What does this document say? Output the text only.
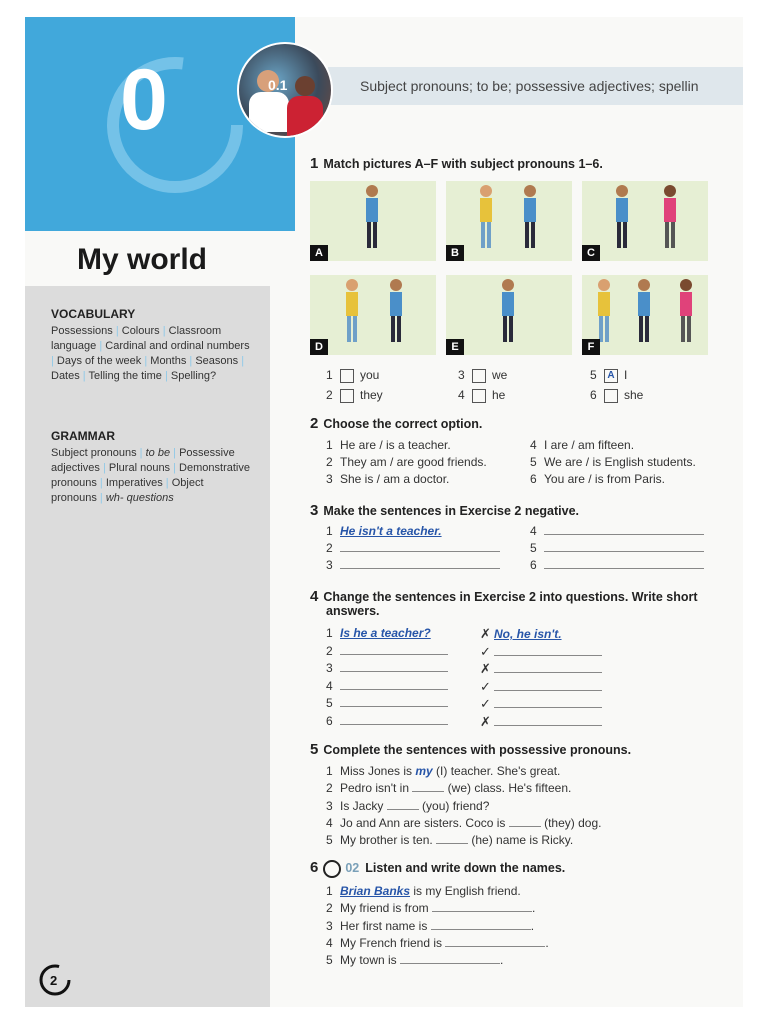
0	Subject pronouns; to be; possessive adjectives; spellin
0.1
My world
VOCABULARY
Possessions | Colours | Classroom language | Cardinal and ordinal numbers | Days of the week | Months | Seasons | Dates | Telling the time | Spelling?
GRAMMAR
Subject pronouns | to be | Possessive adjectives | Plural nouns | Demonstrative pronouns | Imperatives | Object pronouns | wh- questions
2
1 Match pictures A–F with subject pronouns 1–6.
A	B	C
D	E	F
1 you
2 they
3 we
4 he
5 A I
6 she
2 Choose the correct option.
1 He are / is a teacher.
2 They am / are good friends.
3 She is / am a doctor.
4 I are / am fifteen.
5 We are / is English students.
6 You are / is from Paris.
3 Make the sentences in Exercise 2 negative.
1 He isn't a teacher.
2
3
4
5
6
4 Change the sentences in Exercise 2 into questions. Write short
answers.
1 Is he a teacher?	✗ No, he isn't.
2	✓
3	✗
4	✓
5	✓
6	✗
5 Complete the sentences with possessive pronouns.
1 Miss Jones is my (I) teacher. She's great.
2 Pedro isn't in	(we) class. He's fifteen.
3 Is Jacky	(you) friend?
4 Jo and Ann are sisters. Coco is	(they) dog.
5 My brother is ten.	(he) name is Ricky.
6 02 Listen and write down the names.
1 Brian Banks is my English friend.
2 My friend is from	.
3 Her first name is	.
4 My French friend is	.
5 My town is	.
